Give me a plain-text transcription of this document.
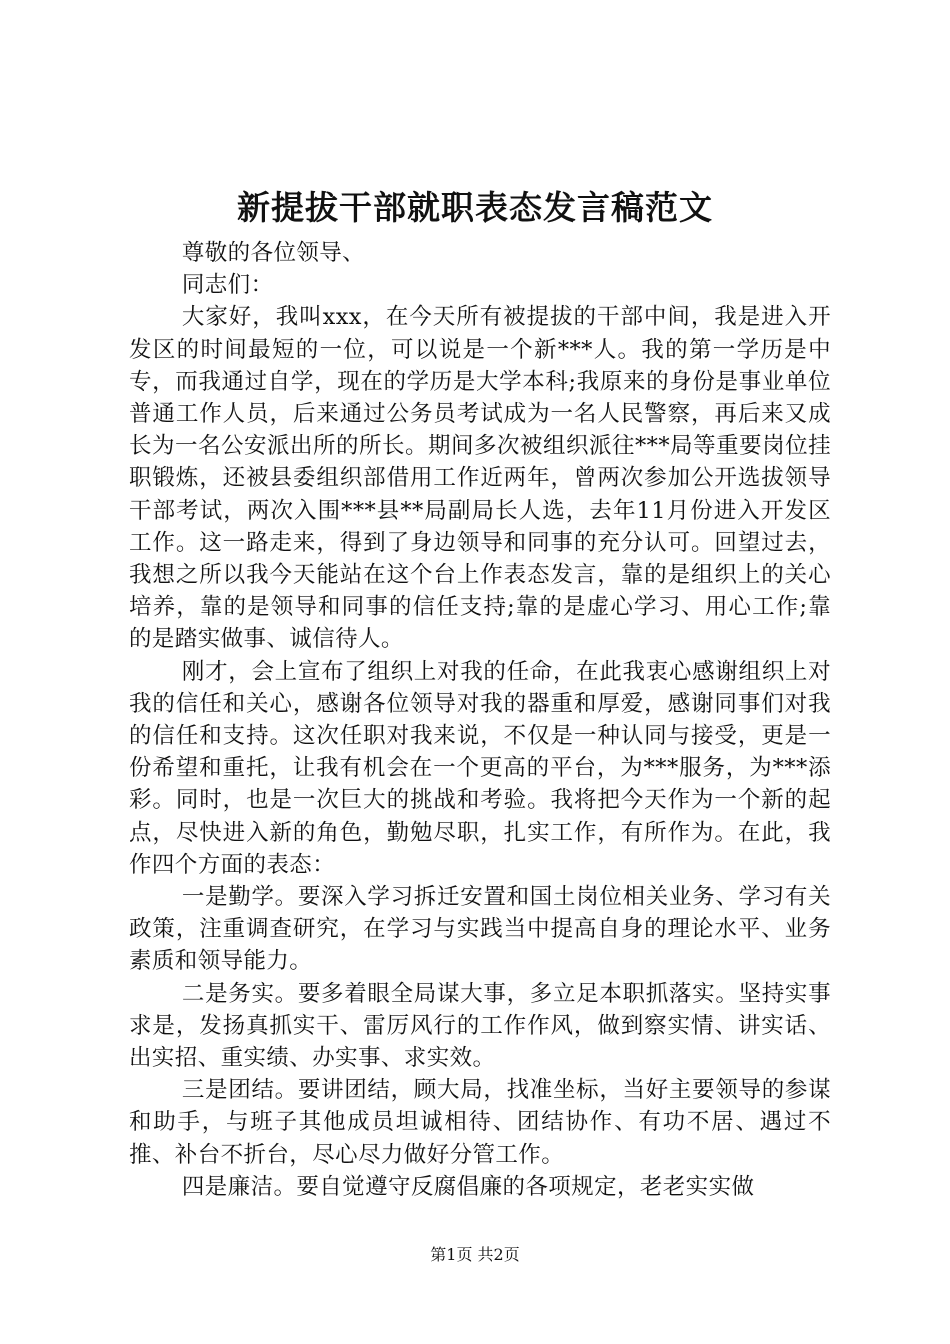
新提拔干部就职表态发言稿范文

尊敬的各位领导、

同志们：

大家好，我叫xxx，在今天所有被提拔的干部中间，我是进入开发区的时间最短的一位，可以说是一个新***人。我的第一学历是中专，而我通过自学，现在的学历是大学本科;我原来的身份是事业单位普通工作人员，后来通过公务员考试成为一名人民警察，再后来又成长为一名公安派出所的所长。期间多次被组织派往***局等重要岗位挂职锻炼，还被县委组织部借用工作近两年，曾两次参加公开选拔领导干部考试，两次入围***县**局副局长人选，去年11月份进入开发区工作。这一路走来，得到了身边领导和同事的充分认可。回望过去，我想之所以我今天能站在这个台上作表态发言，靠的是组织上的关心培养，靠的是领导和同事的信任支持;靠的是虚心学习、用心工作;靠的是踏实做事、诚信待人。

刚才，会上宣布了组织上对我的任命，在此我衷心感谢组织上对我的信任和关心，感谢各位领导对我的器重和厚爱，感谢同事们对我的信任和支持。这次任职对我来说，不仅是一种认同与接受，更是一份希望和重托，让我有机会在一个更高的平台，为***服务，为***添彩。同时，也是一次巨大的挑战和考验。我将把今天作为一个新的起点，尽快进入新的角色，勤勉尽职，扎实工作，有所作为。在此，我作四个方面的表态：

一是勤学。要深入学习拆迁安置和国土岗位相关业务、学习有关政策，注重调查研究，在学习与实践当中提高自身的理论水平、业务素质和领导能力。

二是务实。要多着眼全局谋大事，多立足本职抓落实。坚持实事求是，发扬真抓实干、雷厉风行的工作作风，做到察实情、讲实话、出实招、重实绩、办实事、求实效。

三是团结。要讲团结，顾大局，找准坐标，当好主要领导的参谋和助手，与班子其他成员坦诚相待、团结协作、有功不居、遇过不推、补台不折台，尽心尽力做好分管工作。

四是廉洁。要自觉遵守反腐倡廉的各项规定，老老实实做

第1页 共2页
